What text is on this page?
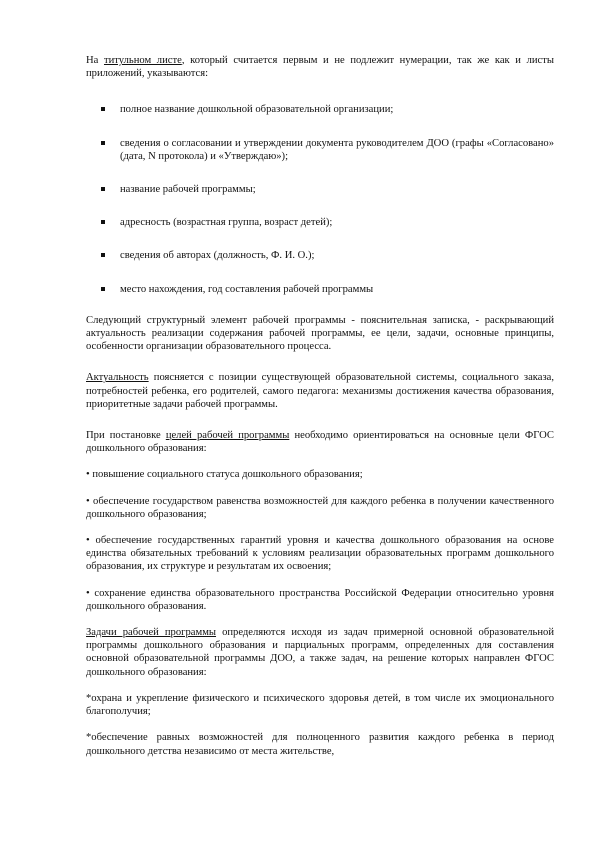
На титульном листе, который считается первым и не подлежит нумерации, так же как и листы приложений, указываются:

полное название дошкольной образовательной организации;
сведения о согласовании и утверждении документа руководителем ДОО (графы «Согласовано» (дата, N протокола) и «Утверждаю»);
название рабочей программы;
адресность (возрастная группа, возраст детей);
сведения об авторах (должность, Ф. И. О.);
место нахождения, год составления рабочей программы

Следующий структурный элемент рабочей программы - пояснительная записка, - раскрывающий актуальность реализации содержания рабочей программы, ее цели, задачи, основные принципы, особенности организации образовательного процесса.

Актуальность поясняется с позиции существующей образовательной системы, социального заказа, потребностей ребенка, его родителей, самого педагога: механизмы достижения качества образования, приоритетные задачи рабочей программы.

При постановке целей рабочей программы необходимо ориентироваться на основные цели ФГОС дошкольного образования:

• повышение социального статуса дошкольного образования;

• обеспечение государством равенства возможностей для каждого ребенка в получении качественного дошкольного образования;

• обеспечение государственных гарантий уровня и качества дошкольного образования на основе единства обязательных требований к условиям реализации образовательных программ дошкольного образования, их структуре и результатам их освоения;

• сохранение единства образовательного пространства Российской Федерации относительно уровня дошкольного образования.

Задачи рабочей программы определяются исходя из задач примерной основной образовательной программы дошкольного образования и парциальных программ, определенных для составления основной образовательной программы ДОО, а также задач, на решение которых направлен ФГОС дошкольного образования:

*охрана и укрепление физического и психического здоровья детей, в том числе их эмоционального благополучия;

*обеспечение равных возможностей для полноценного развития каждого ребенка в период дошкольного детства независимо от места жительстве,
